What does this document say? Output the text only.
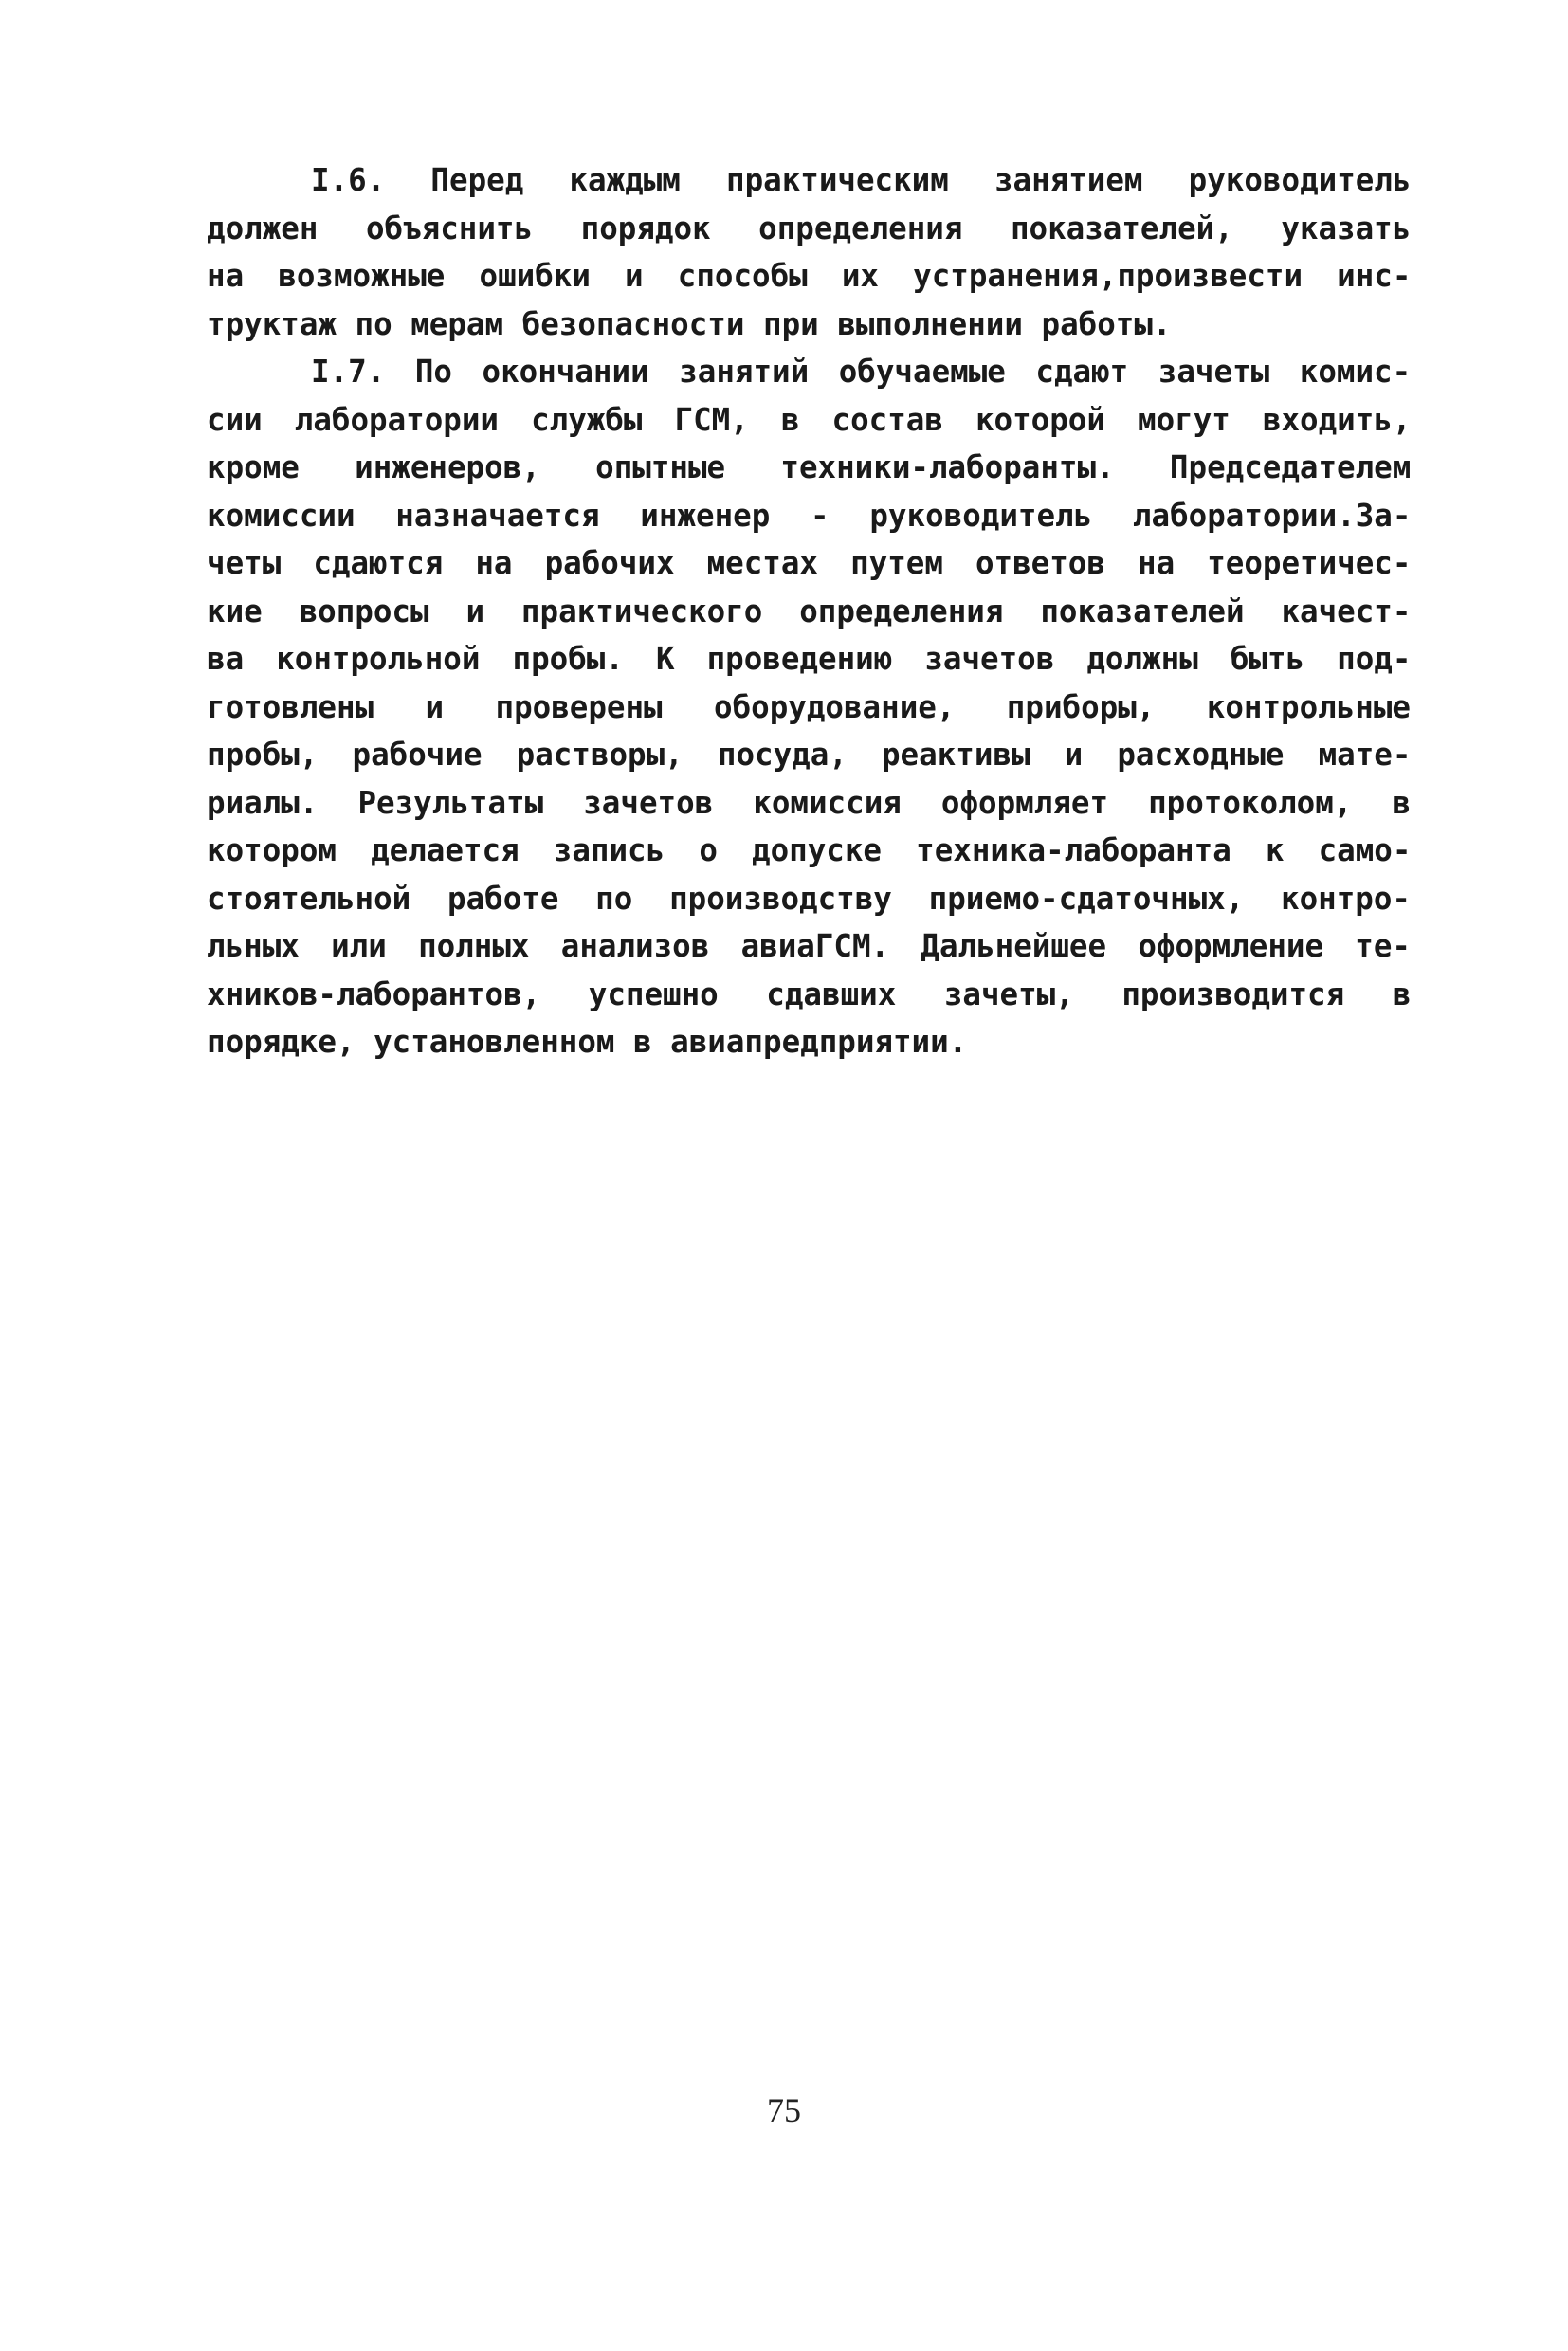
I.6. Перед каждым практическим занятием руководитель
должен объяснить порядок определения показателей, указать
на возможные ошибки и способы их устранения,произвести инс-
труктаж по мерам безопасности при выполнении работы.

I.7. По окончании занятий обучаемые сдают зачеты комис-
сии лаборатории службы ГСМ, в состав которой могут входить,
кроме инженеров, опытные техники-лаборанты. Председателем
комиссии назначается инженер - руководитель лаборатории.За-
четы сдаются на рабочих местах путем ответов на теоретичес-
кие вопросы и практического определения показателей качест-
ва контрольной пробы. К проведению зачетов должны быть под-
готовлены и проверены оборудование, приборы, контрольные
пробы, рабочие растворы, посуда, реактивы и расходные мате-
риалы. Результаты зачетов комиссия оформляет протоколом, в
котором делается запись о допуске техника-лаборанта к само-
стоятельной работе по производству приемо-сдаточных, контро-
льных или полных анализов авиаГСМ. Дальнейшее оформление те-
хников-лаборантов, успешно сдавших зачеты, производится в
порядке, установленном в авиапредприятии.

75
